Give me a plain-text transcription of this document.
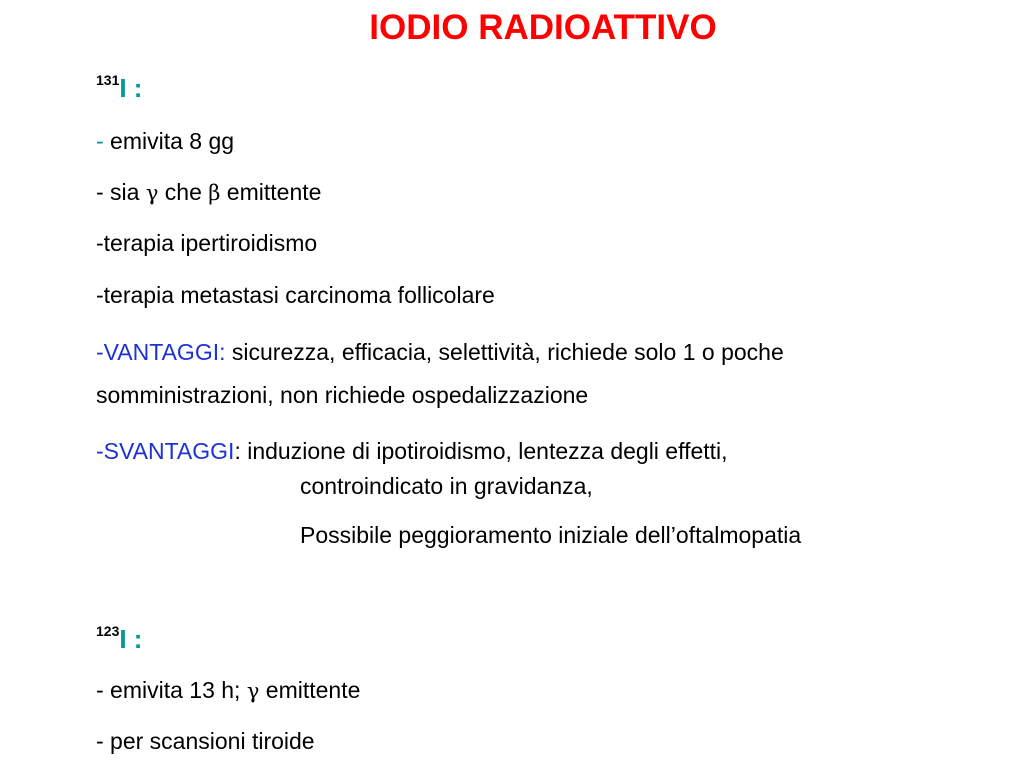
IODIO RADIOATTIVO
$^{131}$I :
- emivita 8 gg
- sia γ che β emittente
-terapia ipertiroidismo
-terapia metastasi carcinoma follicolare
-VANTAGGI: sicurezza, efficacia, selettività, richiede solo 1 o poche
somministrazioni, non richiede ospedalizzazione
-SVANTAGGI: induzione di ipotiroidismo, lentezza degli effetti,
controindicato in gravidanza,
Possibile peggioramento iniziale dell’oftalmopatia
$^{123}$I :
- emivita 13 h; γ emittente
- per scansioni tiroide
